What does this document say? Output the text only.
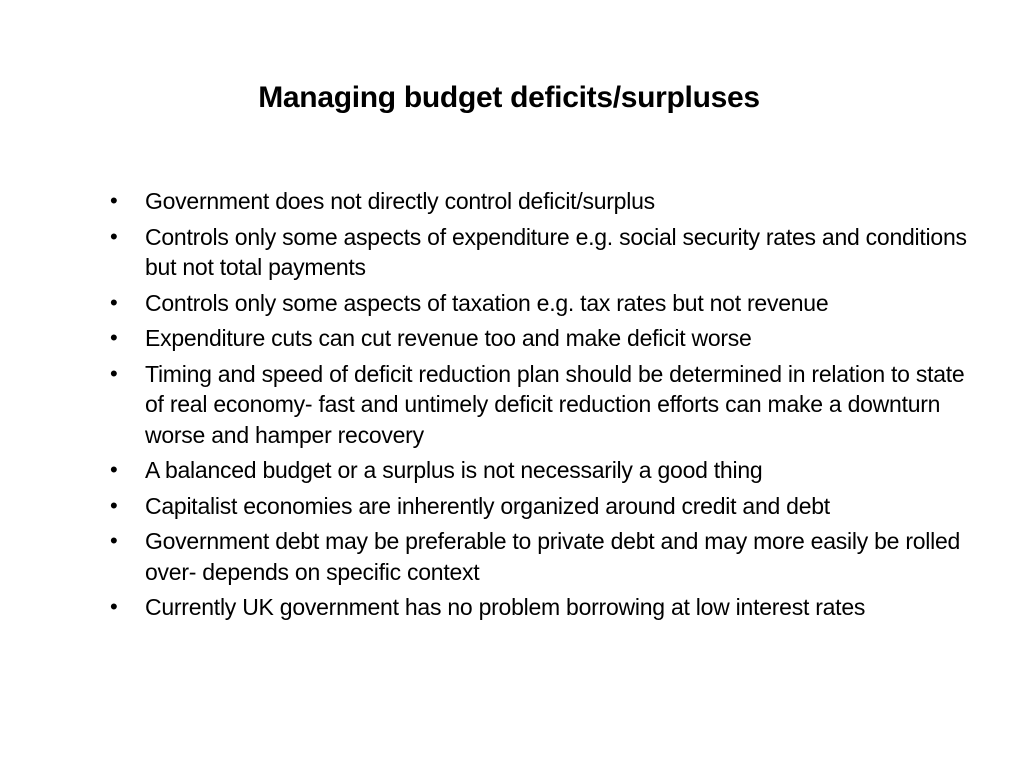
Managing budget deficits/surpluses
• Government does not directly control deficit/surplus
• Controls only some aspects of expenditure e.g. social security rates and conditions but not total payments
• Controls only some aspects of taxation e.g. tax rates but not revenue
• Expenditure cuts can cut revenue too and make deficit worse
• Timing and speed of deficit reduction plan should be determined in relation to state of real economy- fast and untimely deficit reduction efforts can make a downturn worse and hamper recovery
• A balanced budget or a surplus is not necessarily a good thing
• Capitalist economies are inherently organized around credit and debt
• Government debt may be preferable to private debt and may more easily be rolled over- depends on specific context
• Currently UK government has no problem borrowing at low interest rates
